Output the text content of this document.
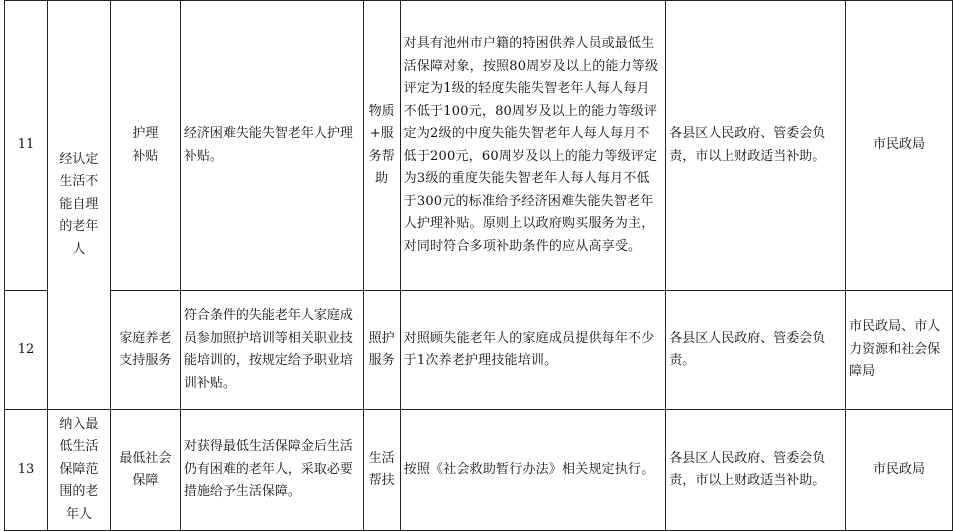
11	经认定生活不能自理的老年人	护理补贴	经济困难失能失智老年人护理补贴。	物质+服务帮助	对具有池州市户籍的特困供养人员或最低生活保障对象，按照80周岁及以上的能力等级评定为1级的轻度失能失智老年人每人每月不低于100元，80周岁及以上的能力等级评定为2级的中度失能失智老年人每人每月不低于200元，60周岁及以上的能力等级评定为3级的重度失能失智老年人每人每月不低于300元的标准给予经济困难失能失智老年人护理补贴。原则上以政府购买服务为主，对同时符合多项补助条件的应从高享受。	各县区人民政府、管委会负责，市以上财政适当补助。	市民政局
12		家庭养老支持服务	符合条件的失能老年人家庭成员参加照护培训等相关职业技能培训的，按规定给予职业培训补贴。	照护服务	对照顾失能老年人的家庭成员提供每年不少于1次养老护理技能培训。	各县区人民政府、管委会负责。	市民政局、市人力资源和社会保障局
13	纳入最低生活保障范围的老年人	最低社会保障	对获得最低生活保障金后生活仍有困难的老年人，采取必要措施给予生活保障。	生活帮扶	按照《社会救助暂行办法》相关规定执行。	各县区人民政府、管委会负责，市以上财政适当补助。	市民政局
